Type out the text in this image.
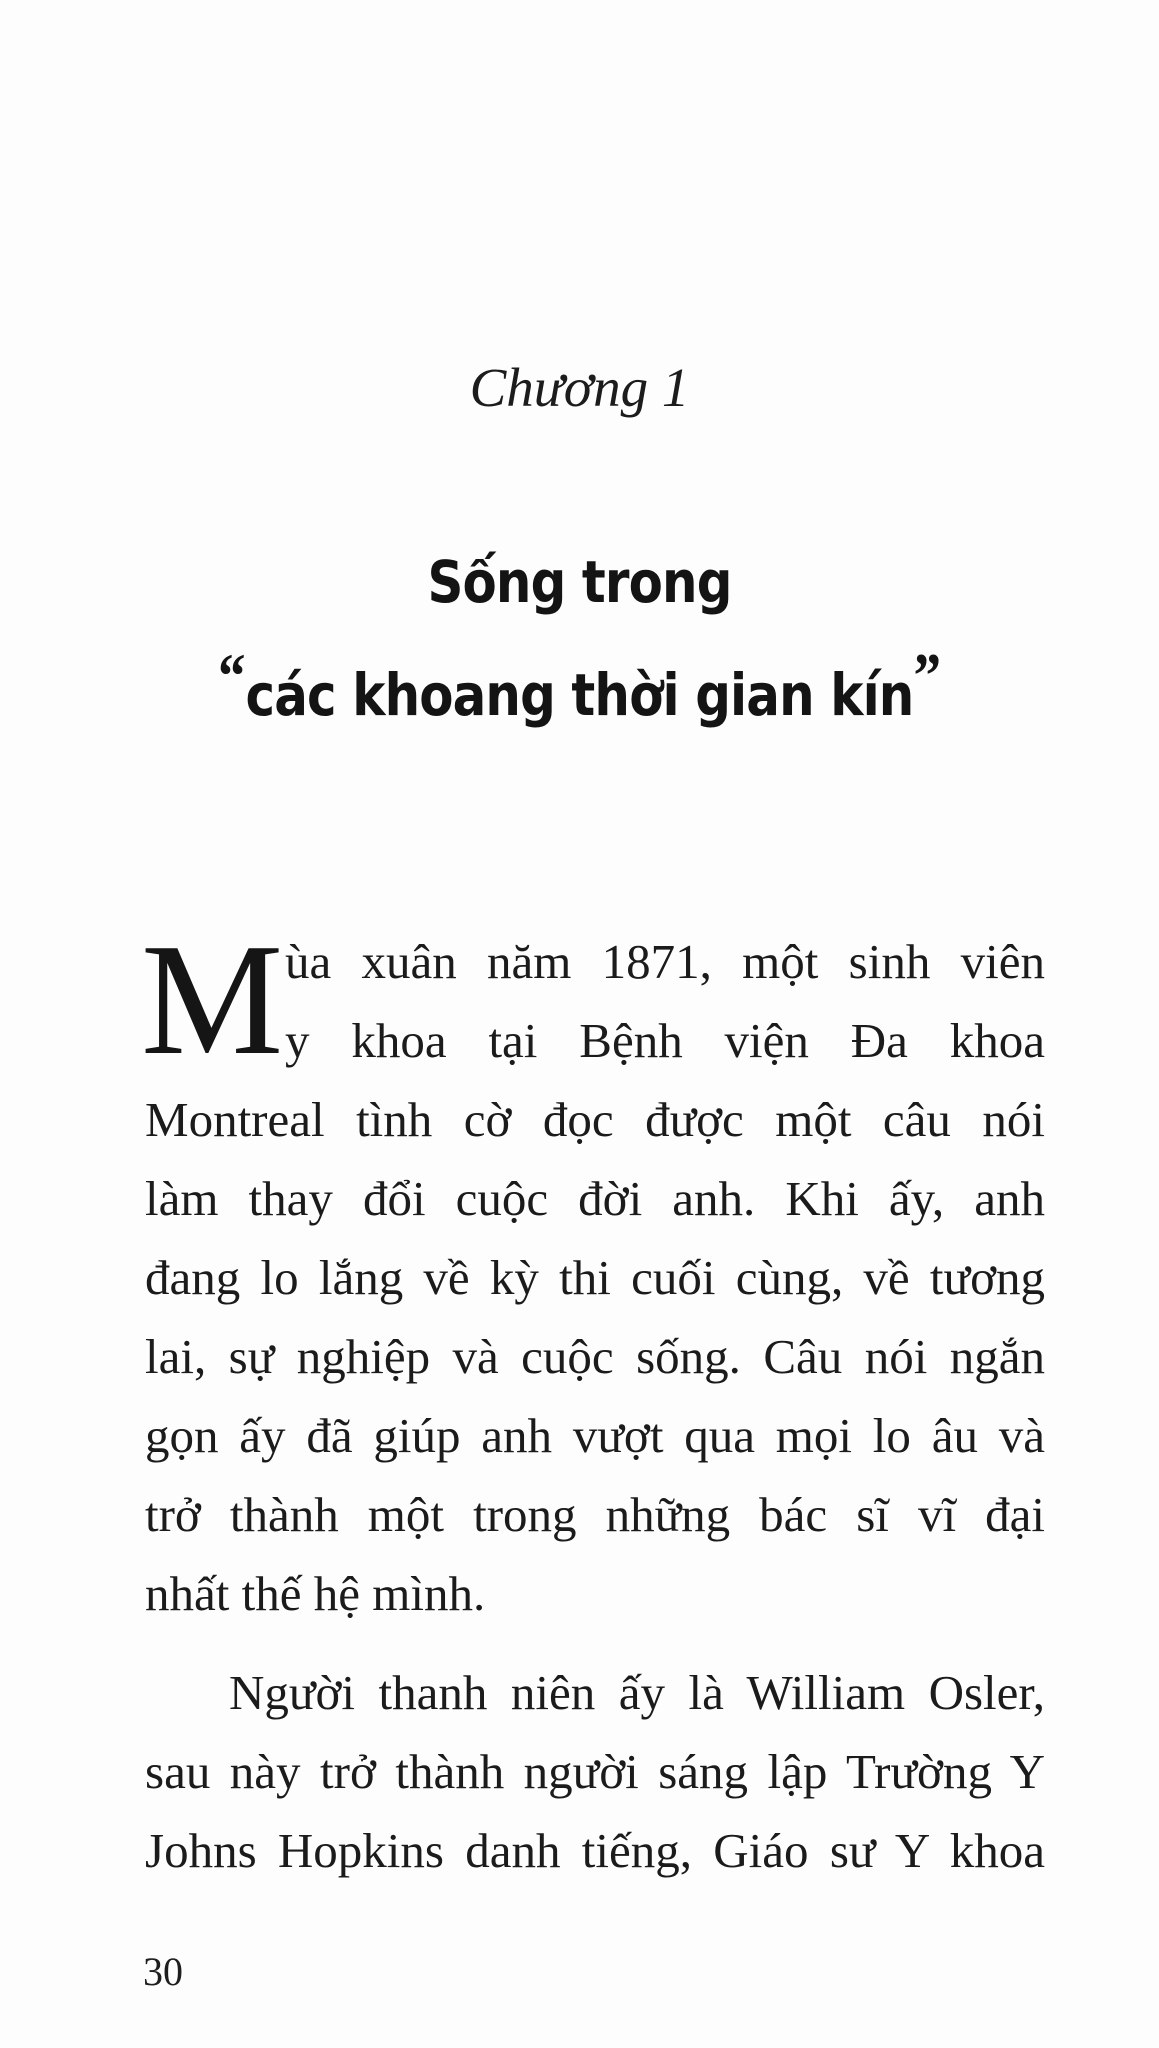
Chương 1
Sống trong
“các khoang thời gian kín”

M ùa xuân năm 1871, một sinh viên
y khoa tại Bệnh viện Đa khoa
Montreal tình cờ đọc được một câu nói
làm thay đổi cuộc đời anh. Khi ấy, anh
đang lo lắng về kỳ thi cuối cùng, về tương
lai, sự nghiệp và cuộc sống. Câu nói ngắn
gọn ấy đã giúp anh vượt qua mọi lo âu và
trở thành một trong những bác sĩ vĩ đại
nhất thế hệ mình.

Người thanh niên ấy là William Osler,
sau này trở thành người sáng lập Trường Y
Johns Hopkins danh tiếng, Giáo sư Y khoa

30
